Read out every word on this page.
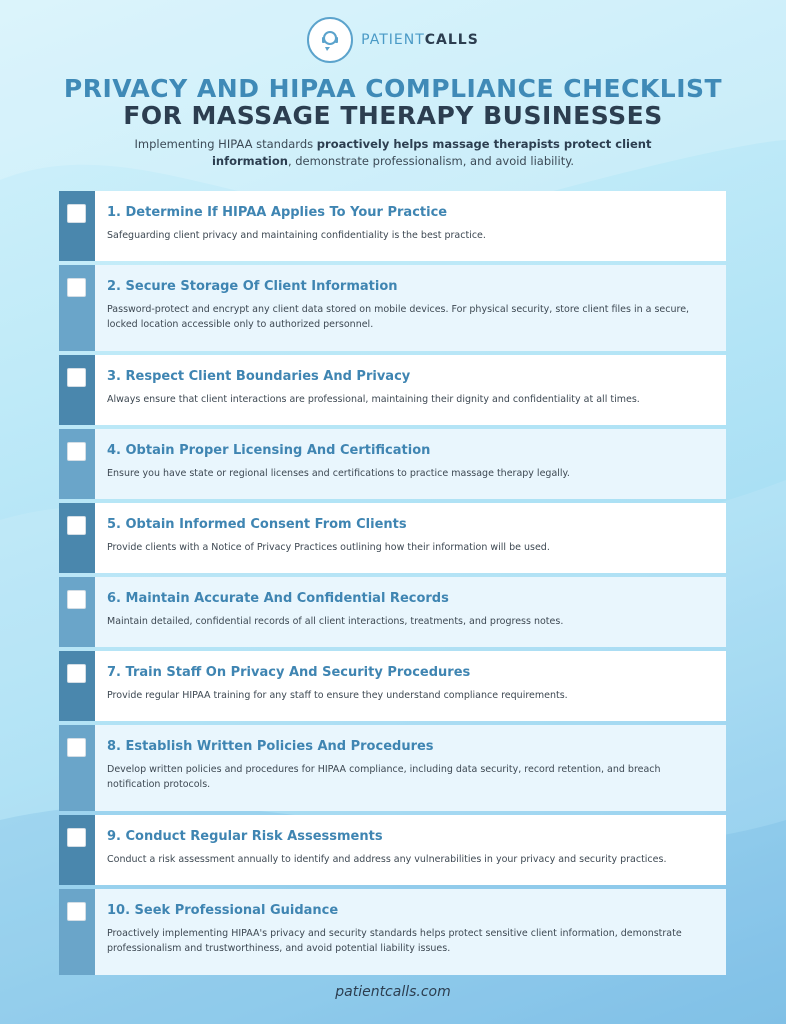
PATIENTCALLS
PRIVACY AND HIPAA COMPLIANCE CHECKLIST
FOR MASSAGE THERAPY BUSINESSES
Implementing HIPAA standards proactively helps massage therapists protect client information, demonstrate professionalism, and avoid liability.
1. Determine If HIPAA Applies To Your Practice
Safeguarding client privacy and maintaining confidentiality is the best practice.
2. Secure Storage Of Client Information
Password-protect and encrypt any client data stored on mobile devices. For physical security, store client files in a secure, locked location accessible only to authorized personnel.
3. Respect Client Boundaries And Privacy
Always ensure that client interactions are professional, maintaining their dignity and confidentiality at all times.
4. Obtain Proper Licensing And Certification
Ensure you have state or regional licenses and certifications to practice massage therapy legally.
5. Obtain Informed Consent From Clients
Provide clients with a Notice of Privacy Practices outlining how their information will be used.
6. Maintain Accurate And Confidential Records
Maintain detailed, confidential records of all client interactions, treatments, and progress notes.
7. Train Staff On Privacy And Security Procedures
Provide regular HIPAA training for any staff to ensure they understand compliance requirements.
8. Establish Written Policies And Procedures
Develop written policies and procedures for HIPAA compliance, including data security, record retention, and breach notification protocols.
9. Conduct Regular Risk Assessments
Conduct a risk assessment annually to identify and address any vulnerabilities in your privacy and security practices.
10. Seek Professional Guidance
Proactively implementing HIPAA's privacy and security standards helps protect sensitive client information, demonstrate professionalism and trustworthiness, and avoid potential liability issues.
patientcalls.com
